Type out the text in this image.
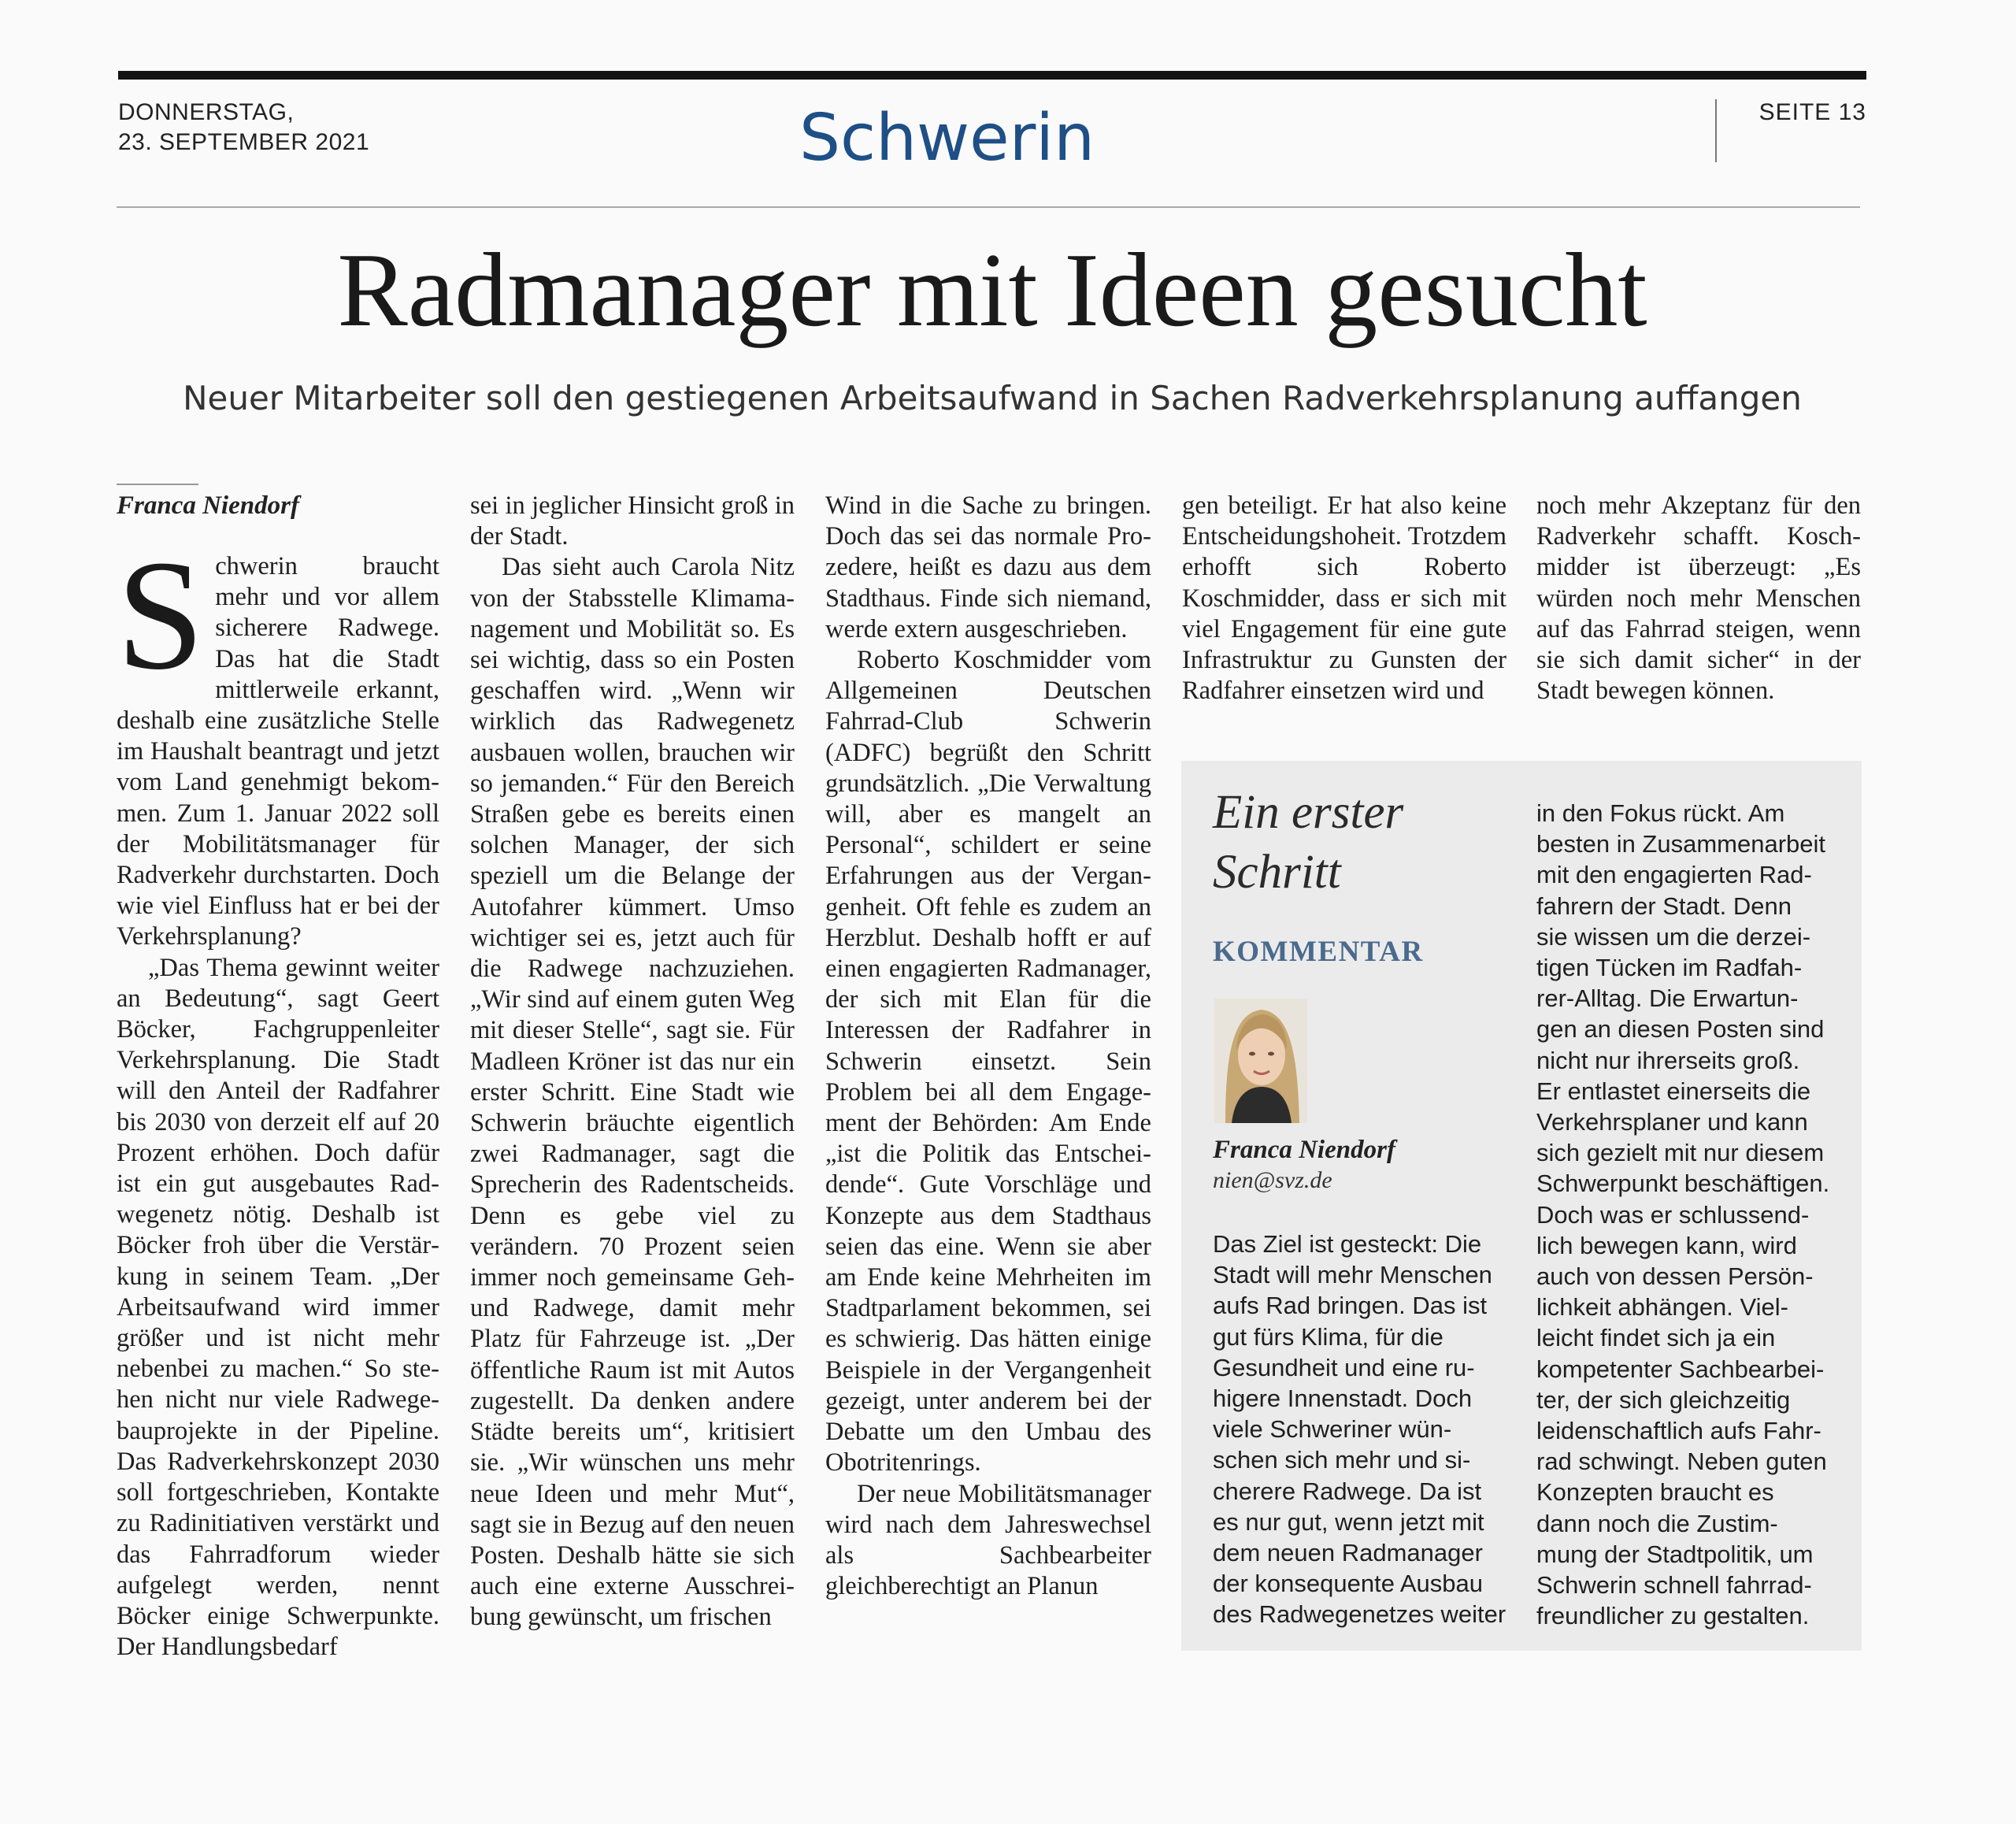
DONNERSTAG,
23. SEPTEMBER 2021	Schwerin	SEITE 13
Radmanager mit Ideen gesucht
Neuer Mitarbeiter soll den gestiegenen Arbeitsaufwand in Sachen Radverkehrsplanung auffangen
Franca Niendorf

Schwerin braucht mehr und vor allem sicherere Radwege. Das hat die Stadt mittlerweile erkannt, deshalb eine zusätzliche Stelle im Haushalt beantragt und jetzt vom Land genehmigt bekommen. Zum 1. Januar 2022 soll der Mobilitätsmanager für Radverkehr durchstarten. Doch wie viel Einfluss hat er bei der Verkehrsplanung?

„Das Thema gewinnt weiter an Bedeutung“, sagt Geert Böcker, Fachgruppenleiter Verkehrsplanung. Die Stadt will den Anteil der Radfahrer bis 2030 von derzeit elf auf 20 Prozent erhöhen. Doch dafür ist ein gut ausgebautes Radwegenetz nötig. Deshalb ist Böcker froh über die Verstärkung in seinem Team. „Der Arbeitsaufwand wird immer größer und ist nicht mehr nebenbei zu machen.“ So stehen nicht nur viele Radwegebauprojekte in der Pipeline. Das Radverkehrskonzept 2030 soll fortgeschrieben, Kontakte zu Radinitiativen verstärkt und das Fahrradforum wieder aufgelegt werden, nennt Böcker einige Schwerpunkte. Der Handlungsbedarf

sei in jeglicher Hinsicht groß in der Stadt.

Das sieht auch Carola Nitz von der Stabsstelle Klimamanagement und Mobilität so. Es sei wichtig, dass so ein Posten geschaffen wird. „Wenn wir wirklich das Radwegenetz ausbauen wollen, brauchen wir so jemanden.“ Für den Bereich Straßen gebe es bereits einen solchen Manager, der sich speziell um die Belange der Autofahrer kümmert. Umso wichtiger sei es, jetzt auch für die Radwege nachzuziehen. „Wir sind auf einem guten Weg mit dieser Stelle“, sagt sie. Für Madleen Kröner ist das nur ein erster Schritt. Eine Stadt wie Schwerin bräuchte eigentlich zwei Radmanager, sagt die Sprecherin des Radentscheids. Denn es gebe viel zu verändern. 70 Prozent seien immer noch gemeinsame Geh- und Radwege, damit mehr Platz für Fahrzeuge ist. „Der öffentliche Raum ist mit Autos zugestellt. Da denken andere Städte bereits um“, kritisiert sie. „Wir wünschen uns mehr neue Ideen und mehr Mut“, sagt sie in Bezug auf den neuen Posten. Deshalb hätte sie sich auch eine externe Ausschreibung gewünscht, um frischen

Wind in die Sache zu bringen. Doch das sei das normale Prozedere, heißt es dazu aus dem Stadthaus. Finde sich niemand, werde extern ausgeschrieben.

Roberto Koschmidder vom Allgemeinen Deutschen Fahrrad-Club Schwerin (ADFC) begrüßt den Schritt grundsätzlich. „Die Verwaltung will, aber es mangelt an Personal“, schildert er seine Erfahrungen aus der Vergangenheit. Oft fehle es zudem an Herzblut. Deshalb hofft er auf einen engagierten Radmanager, der sich mit Elan für die Interessen der Radfahrer in Schwerin einsetzt. Sein Problem bei all dem Engagement der Behörden: Am Ende „ist die Politik das Entscheidende“. Gute Vorschläge und Konzepte aus dem Stadthaus seien das eine. Wenn sie aber am Ende keine Mehrheiten im Stadtparlament bekommen, sei es schwierig. Das hätten einige Beispiele in der Vergangenheit gezeigt, unter anderem bei der Debatte um den Umbau des Obotritenrings.

Der neue Mobilitätsmanager wird nach dem Jahreswechsel als Sachbearbeiter gleichberechtigt an Planun

gen beteiligt. Er hat also keine Entscheidungshoheit. Trotzdem erhofft sich Roberto Koschmidder, dass er sich mit viel Engagement für eine gute Infrastruktur zu Gunsten der Radfahrer einsetzen wird und

noch mehr Akzeptanz für den Radverkehr schafft. Koschmidder ist überzeugt: „Es würden noch mehr Menschen auf das Fahrrad steigen, wenn sie sich damit sicher“ in der Stadt bewegen können.

Ein erster
Schritt
KOMMENTAR
Franca Niendorf
nien@svz.de
Das Ziel ist gesteckt: Die
Stadt will mehr Menschen
aufs Rad bringen. Das ist
gut fürs Klima, für die
Gesundheit und eine ru-
higere Innenstadt. Doch
viele Schweriner wün-
schen sich mehr und si-
cherere Radwege. Da ist
es nur gut, wenn jetzt mit
dem neuen Radmanager
der konsequente Ausbau
des Radwegenetzes weiter
in den Fokus rückt. Am
besten in Zusammenarbeit
mit den engagierten Rad-
fahrern der Stadt. Denn
sie wissen um die derzei-
tigen Tücken im Radfah-
rer-Alltag. Die Erwartun-
gen an diesen Posten sind
nicht nur ihrerseits groß.
Er entlastet einerseits die
Verkehrsplaner und kann
sich gezielt mit nur diesem
Schwerpunkt beschäftigen.
Doch was er schlussend-
lich bewegen kann, wird
auch von dessen Persön-
lichkeit abhängen. Viel-
leicht findet sich ja ein
kompetenter Sachbearbei-
ter, der sich gleichzeitig
leidenschaftlich aufs Fahr-
rad schwingt. Neben guten
Konzepten braucht es
dann noch die Zustim-
mung der Stadtpolitik, um
Schwerin schnell fahrrad-
freundlicher zu gestalten.
